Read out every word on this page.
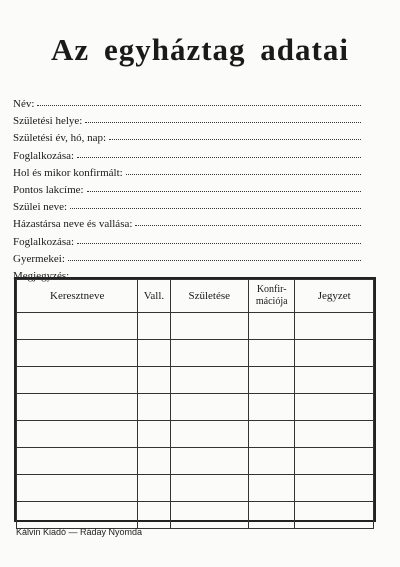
Az egyháztag adatai
Név:
Születési helye:
Születési év, hó, nap:
Foglalkozása:
Hol és mikor konfirmált:
Pontos lakcíme:
Szülei neve:
Házastársa neve és vallása:
Foglalkozása:
Gyermekei:
Megjegyzés:
Keresztneve	Vall.	Születése	Konfir-
mációja	Jegyzet

Kálvin Kiadó — Ráday Nyomda
